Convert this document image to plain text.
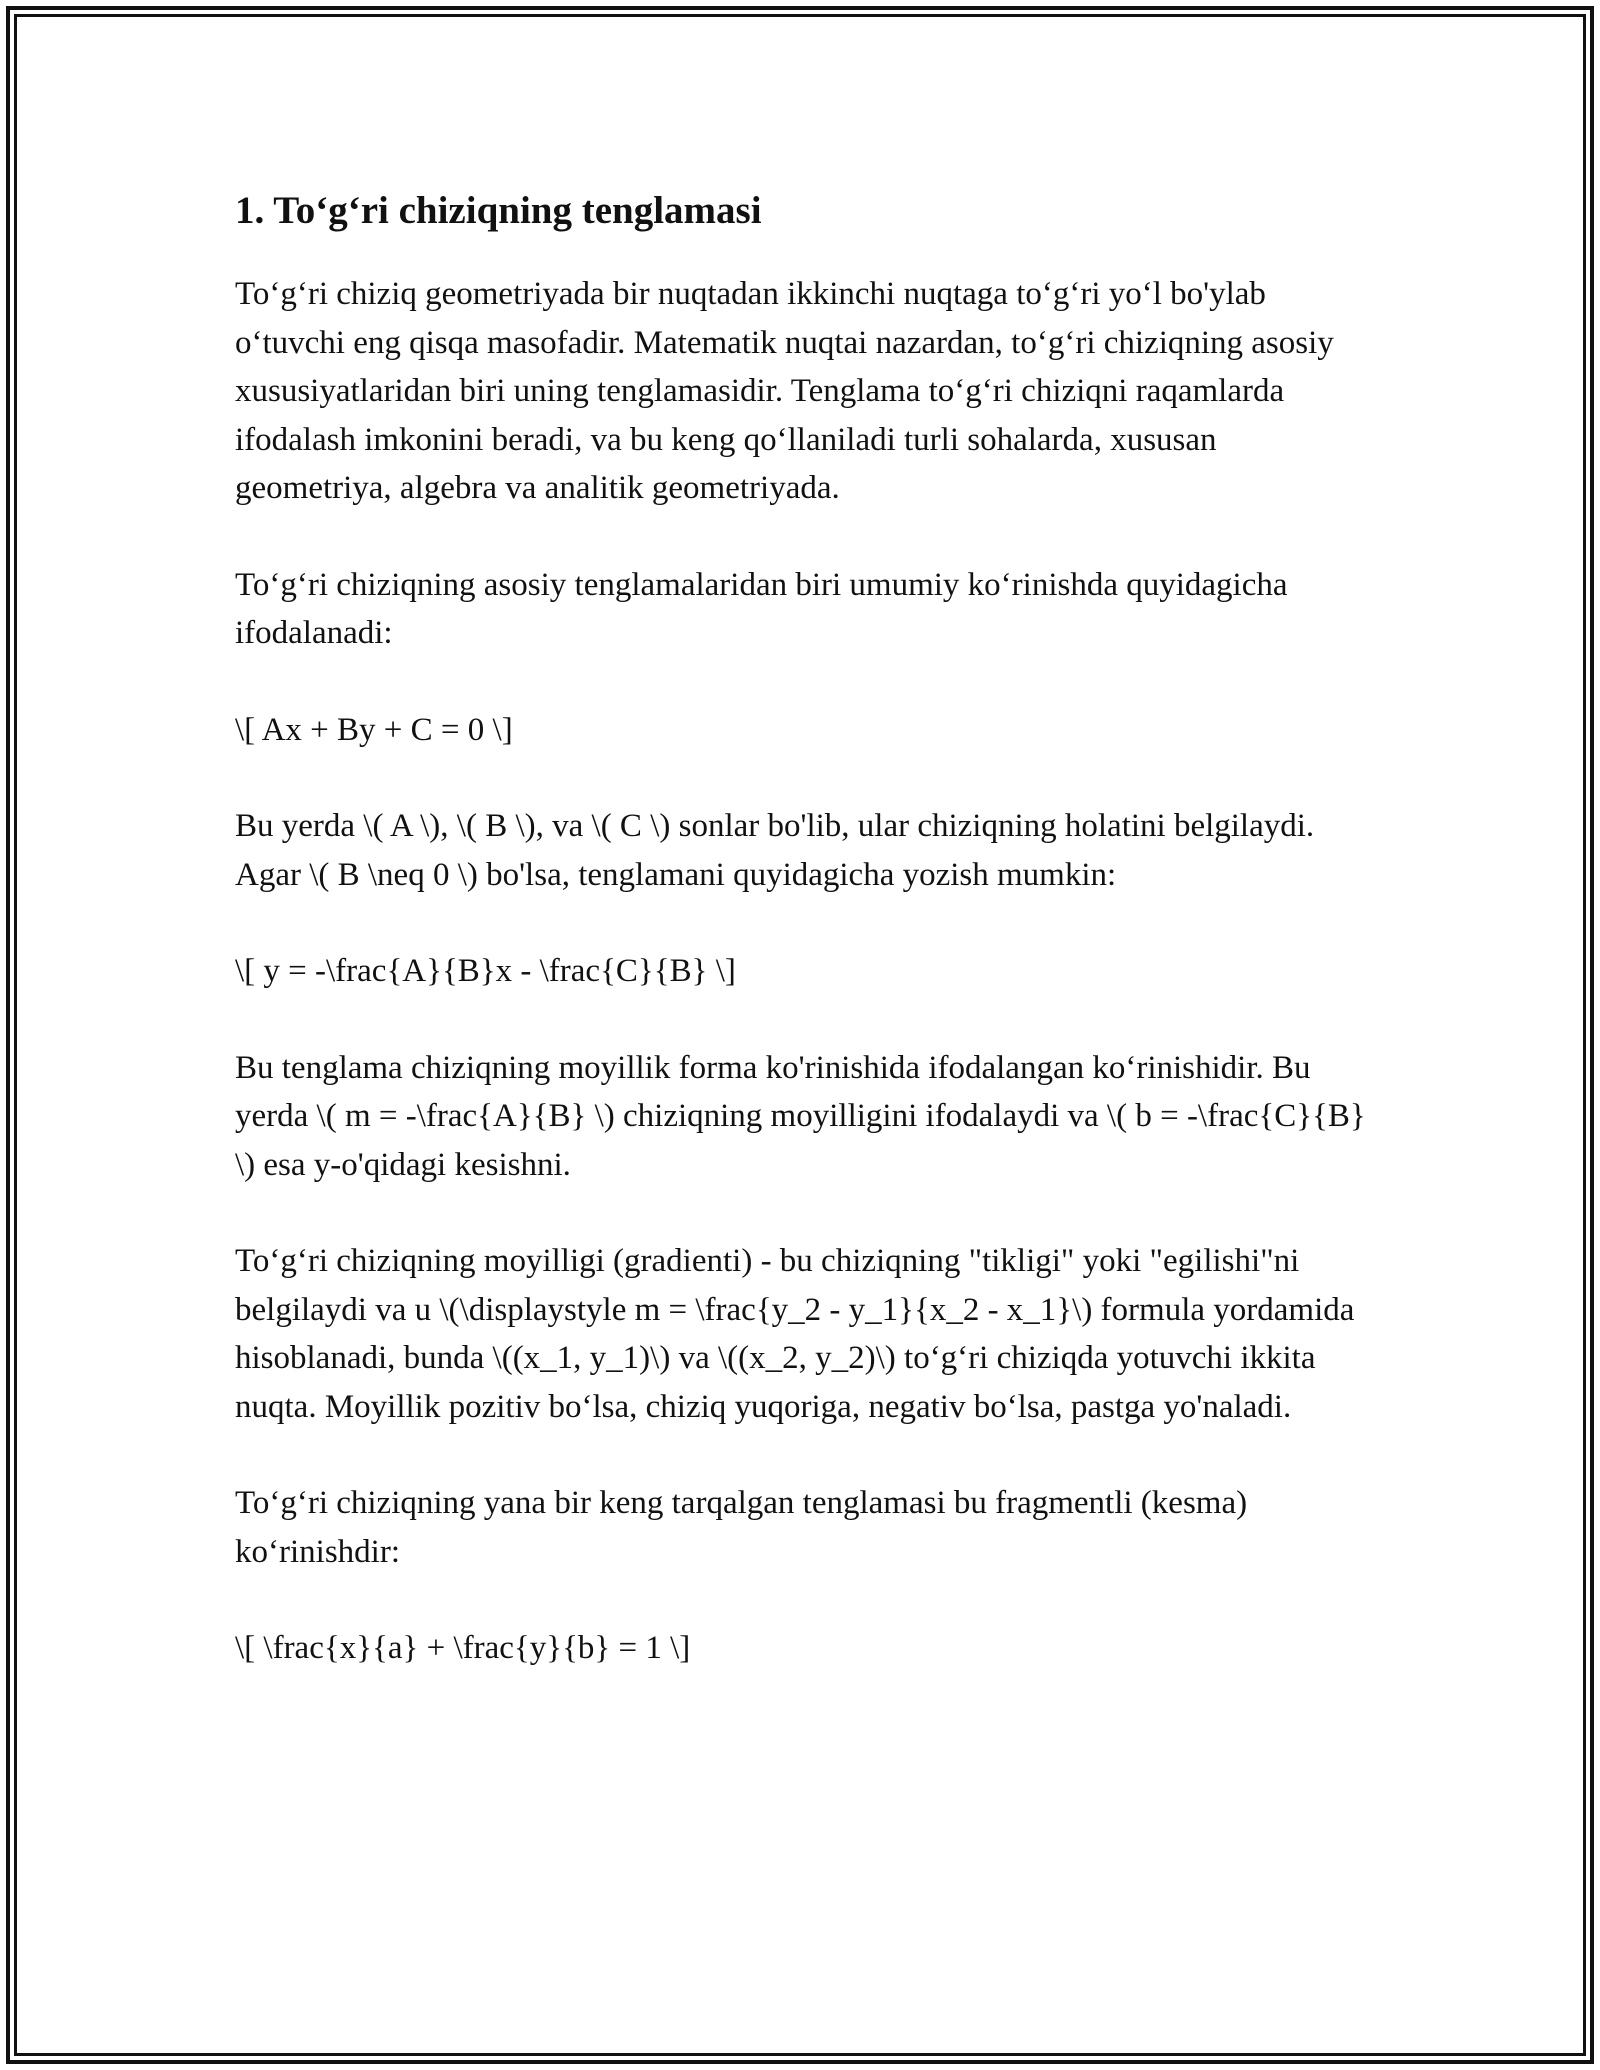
1. To‘g‘ri chiziqning tenglamasi

To‘g‘ri chiziq geometriyada bir nuqtadan ikkinchi nuqtaga to‘g‘ri yo‘l bo'ylab o‘tuvchi eng qisqa masofadir. Matematik nuqtai nazardan, to‘g‘ri chiziqning asosiy xususiyatlaridan biri uning tenglamasidir. Tenglama to‘g‘ri chiziqni raqamlarda ifodalash imkonini beradi, va bu keng qo‘llaniladi turli sohalarda, xususan geometriya, algebra va analitik geometriyada.

To‘g‘ri chiziqning asosiy tenglamalaridan biri umumiy ko‘rinishda quyidagicha ifodalanadi:

\[ Ax + By + C = 0 \]

Bu yerda \( A \), \( B \), va \( C \) sonlar bo'lib, ular chiziqning holatini belgilaydi. Agar \( B \neq 0 \) bo'lsa, tenglamani quyidagicha yozish mumkin:

\[ y = -\frac{A}{B}x - \frac{C}{B} \]

Bu tenglama chiziqning moyillik forma ko'rinishida ifodalangan ko‘rinishidir. Bu yerda \( m = -\frac{A}{B} \) chiziqning moyilligini ifodalaydi va \( b = -\frac{C}{B} \) esa y-o'qidagi kesishni.

To‘g‘ri chiziqning moyilligi (gradienti) - bu chiziqning "tikligi" yoki "egilishi"ni belgilaydi va u \(\displaystyle m = \frac{y_2 - y_1}{x_2 - x_1}\) formula yordamida hisoblanadi, bunda \((x_1, y_1)\) va \((x_2, y_2)\) to‘g‘ri chiziqda yotuvchi ikkita nuqta. Moyillik pozitiv bo‘lsa, chiziq yuqoriga, negativ bo‘lsa, pastga yo'naladi.

To‘g‘ri chiziqning yana bir keng tarqalgan tenglamasi bu fragmentli (kesma) ko‘rinishdir:

\[ \frac{x}{a} + \frac{y}{b} = 1 \]
